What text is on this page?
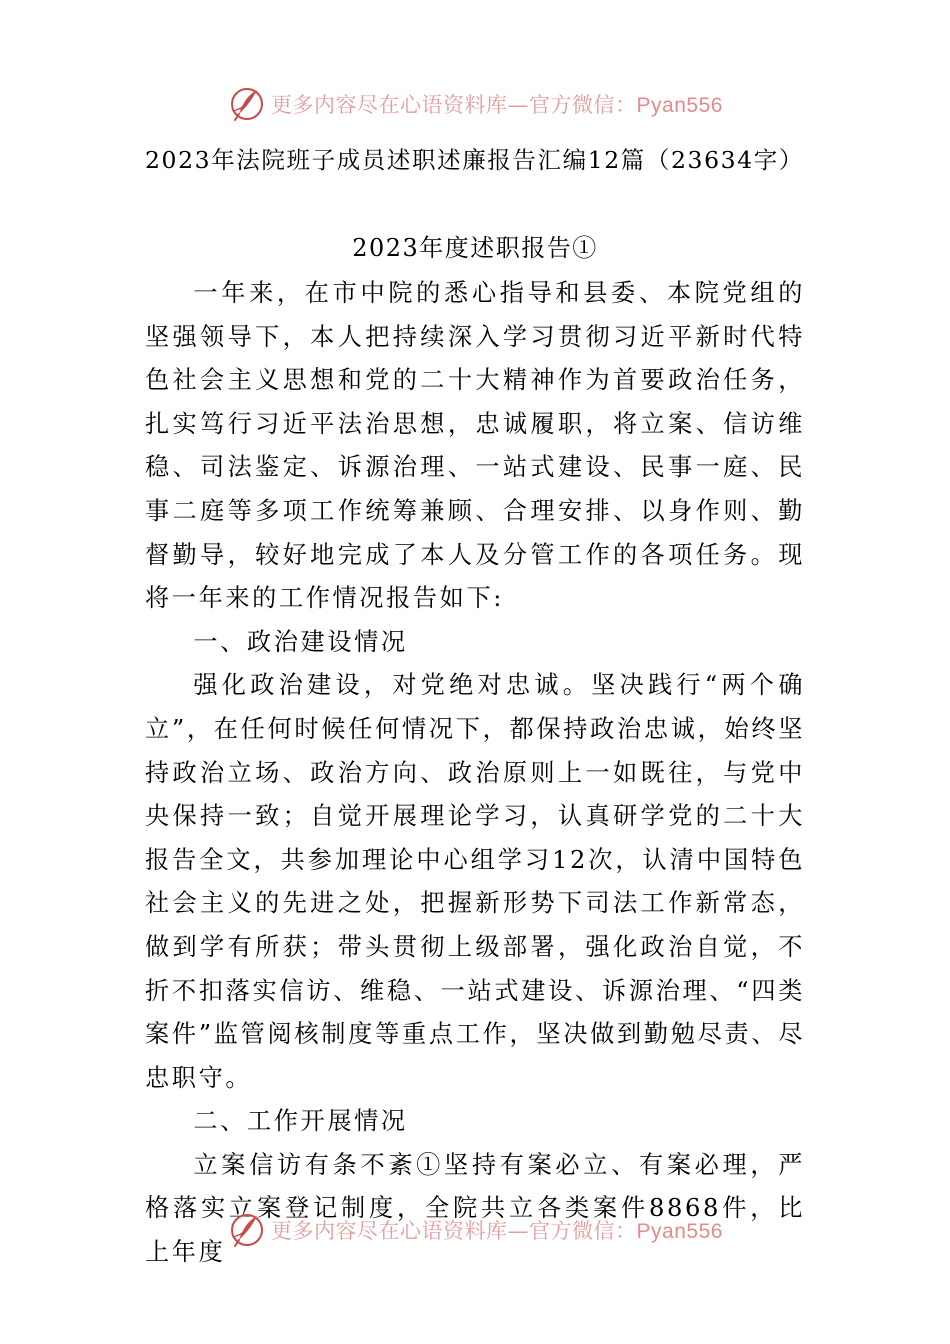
更多内容尽在心语资料库—官方微信：Pyan556
2023年法院班子成员述职述廉报告汇编12篇（23634字）
2023年度述职报告①

一年来，在市中院的悉心指导和县委、本院党组的坚强领导下，本人把持续深入学习贯彻习近平新时代特色社会主义思想和党的二十大精神作为首要政治任务，扎实笃行习近平法治思想，忠诚履职，将立案、信访维稳、司法鉴定、诉源治理、一站式建设、民事一庭、民事二庭等多项工作统筹兼顾、合理安排、以身作则、勤督勤导，较好地完成了本人及分管工作的各项任务。现将一年来的工作情况报告如下:

一、政治建设情况

强化政治建设，对党绝对忠诚。坚决践行“两个确立”，在任何时候任何情况下，都保持政治忠诚，始终坚持政治立场、政治方向、政治原则上一如既往，与党中央保持一致；自觉开展理论学习，认真研学党的二十大报告全文，共参加理论中心组学习12次，认清中国特色社会主义的先进之处，把握新形势下司法工作新常态，做到学有所获；带头贯彻上级部署，强化政治自觉，不折不扣落实信访、维稳、一站式建设、诉源治理、“四类案件”监管阅核制度等重点工作，坚决做到勤勉尽责、尽忠职守。

二、工作开展情况

立案信访有条不紊①坚持有案必立、有案必理，严格落实立案登记制度，全院共立各类案件8868件，比上年度

更多内容尽在心语资料库—官方微信：Pyan556
